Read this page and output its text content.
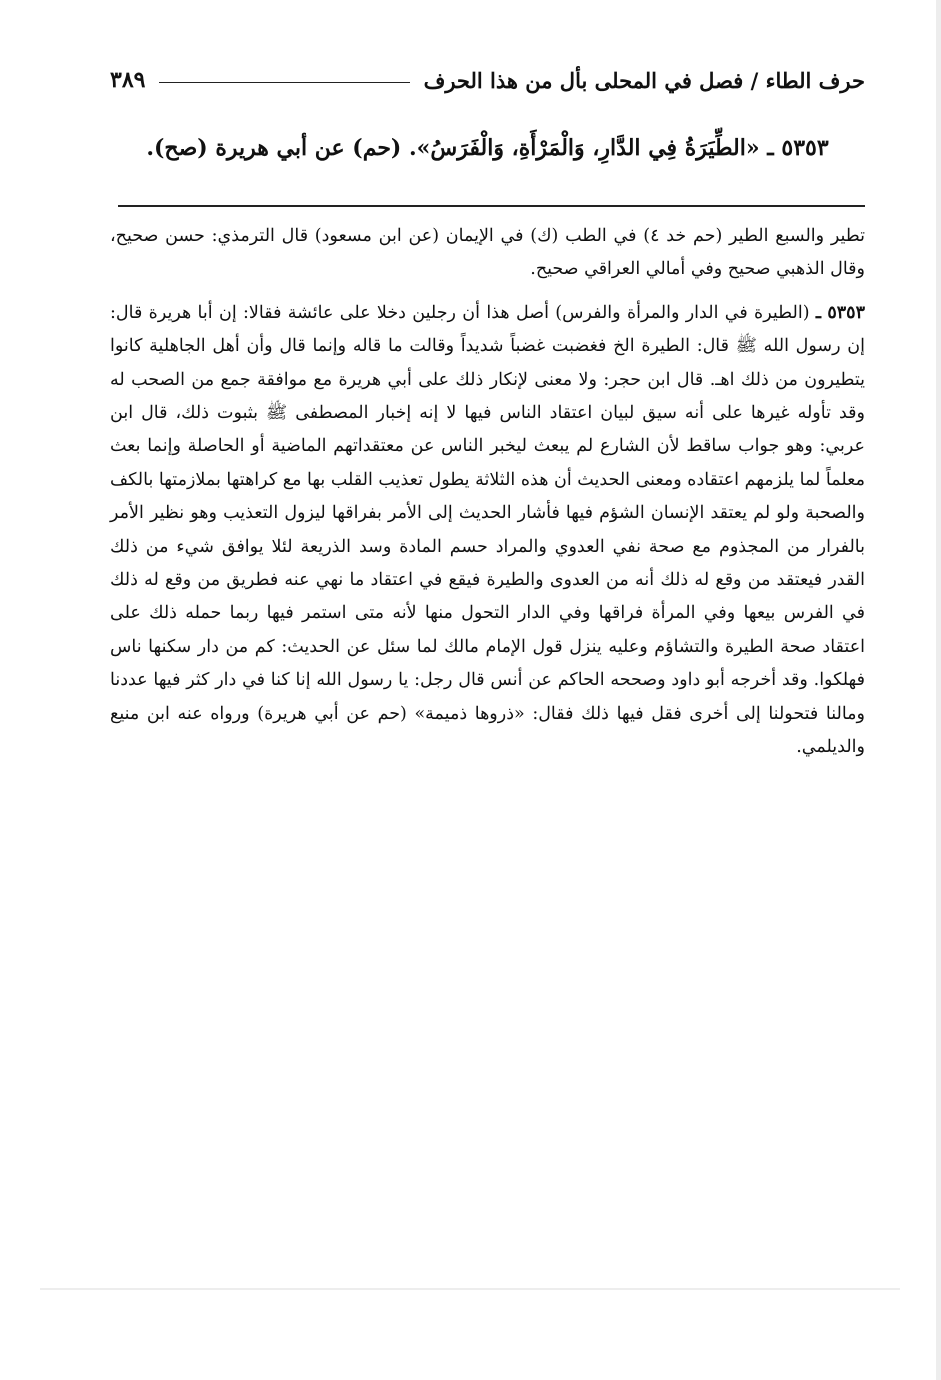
حرف الطاء / فصل في المحلى بأل من هذا الحرف
٣٨٩
٥٣٥٣ ـ «الطِّيَرَةُ فِي الدَّارِ، وَالْمَرْأَةِ، وَالْفَرَسُ». (حم) عن أبي هريرة (صح).

تطير والسبع الطير (حم خد ٤) في الطب (ك) في الإيمان (عن ابن مسعود) قال الترمذي: حسن صحيح، وقال الذهبي صحيح وفي أمالي العراقي صحيح.

٥٣٥٣ ـ (الطيرة في الدار والمرأة والفرس) أصل هذا أن رجلين دخلا على عائشة فقالا: إن أبا هريرة قال: إن رسول الله ﷺ قال: الطيرة الخ فغضبت غضباً شديداً وقالت ما قاله وإنما قال وأن أهل الجاهلية كانوا يتطيرون من ذلك اهـ. قال ابن حجر: ولا معنى لإنكار ذلك على أبي هريرة مع موافقة جمع من الصحب له وقد تأوله غيرها على أنه سيق لبيان اعتقاد الناس فيها لا إنه إخبار المصطفى ﷺ بثبوت ذلك، قال ابن عربي: وهو جواب ساقط لأن الشارع لم يبعث ليخبر الناس عن معتقداتهم الماضية أو الحاصلة وإنما بعث معلماً لما يلزمهم اعتقاده ومعنى الحديث أن هذه الثلاثة يطول تعذيب القلب بها مع كراهتها بملازمتها بالكف والصحبة ولو لم يعتقد الإنسان الشؤم فيها فأشار الحديث إلى الأمر بفراقها ليزول التعذيب وهو نظير الأمر بالفرار من المجذوم مع صحة نفي العدوي والمراد حسم المادة وسد الذريعة لئلا يوافق شيء من ذلك القدر فيعتقد من وقع له ذلك أنه من العدوى والطيرة فيقع في اعتقاد ما نهي عنه فطريق من وقع له ذلك في الفرس بيعها وفي المرأة فراقها وفي الدار التحول منها لأنه متى استمر فيها ربما حمله ذلك على اعتقاد صحة الطيرة والتشاؤم وعليه ينزل قول الإمام مالك لما سئل عن الحديث: كم من دار سكنها ناس فهلكوا. وقد أخرجه أبو داود وصححه الحاكم عن أنس قال رجل: يا رسول الله إنا كنا في دار كثر فيها عددنا ومالنا فتحولنا إلى أخرى فقل فيها ذلك فقال: «ذروها ذميمة» (حم عن أبي هريرة) ورواه عنه ابن منيع والديلمي.
